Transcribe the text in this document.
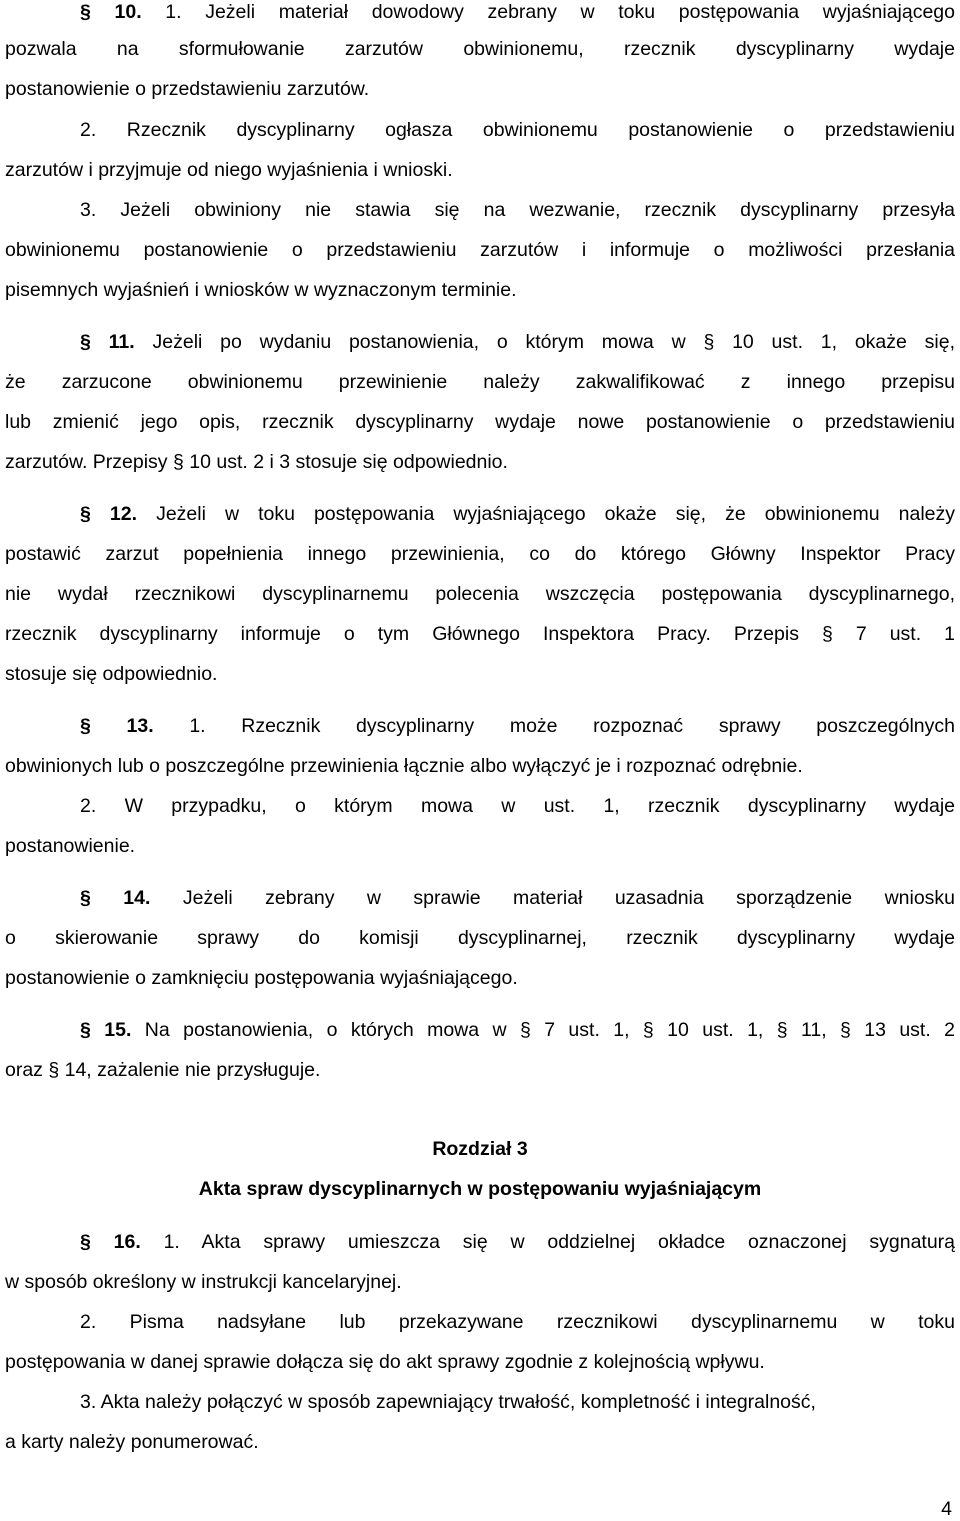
§ 10. 1. Jeżeli materiał dowodowy zebrany w toku postępowania wyjaśniającego
pozwala na sformułowanie zarzutów obwinionemu, rzecznik dyscyplinarny wydaje
postanowienie o przedstawieniu zarzutów.
2. Rzecznik dyscyplinarny ogłasza obwinionemu postanowienie o przedstawieniu
zarzutów i przyjmuje od niego wyjaśnienia i wnioski.
3. Jeżeli obwiniony nie stawia się na wezwanie, rzecznik dyscyplinarny przesyła
obwinionemu postanowienie o przedstawieniu zarzutów i informuje o możliwości przesłania
pisemnych wyjaśnień i wniosków w wyznaczonym terminie.
§ 11. Jeżeli po wydaniu postanowienia, o którym mowa w § 10 ust. 1, okaże się,
że zarzucone obwinionemu przewinienie należy zakwalifikować z innego przepisu
lub zmienić jego opis, rzecznik dyscyplinarny wydaje nowe postanowienie o przedstawieniu
zarzutów. Przepisy § 10 ust. 2 i 3 stosuje się odpowiednio.
§ 12. Jeżeli w toku postępowania wyjaśniającego okaże się, że obwinionemu należy
postawić zarzut popełnienia innego przewinienia, co do którego Główny Inspektor Pracy
nie wydał rzecznikowi dyscyplinarnemu polecenia wszczęcia postępowania dyscyplinarnego,
rzecznik dyscyplinarny informuje o tym Głównego Inspektora Pracy. Przepis § 7 ust. 1
stosuje się odpowiednio.
§ 13. 1. Rzecznik dyscyplinarny może rozpoznać sprawy poszczególnych
obwinionych lub o poszczególne przewinienia łącznie albo wyłączyć je i rozpoznać odrębnie.
2. W przypadku, o którym mowa w ust. 1, rzecznik dyscyplinarny wydaje
postanowienie.
§ 14. Jeżeli zebrany w sprawie materiał uzasadnia sporządzenie wniosku
o skierowanie sprawy do komisji dyscyplinarnej, rzecznik dyscyplinarny wydaje
postanowienie o zamknięciu postępowania wyjaśniającego.
§ 15. Na postanowienia, o których mowa w § 7 ust. 1, § 10 ust. 1, § 11, § 13 ust. 2
oraz § 14, zażalenie nie przysługuje.
Rozdział 3
Akta spraw dyscyplinarnych w postępowaniu wyjaśniającym
§ 16. 1. Akta sprawy umieszcza się w oddzielnej okładce oznaczonej sygnaturą
w sposób określony w instrukcji kancelaryjnej.
2. Pisma nadsyłane lub przekazywane rzecznikowi dyscyplinarnemu w toku
postępowania w danej sprawie dołącza się do akt sprawy zgodnie z kolejnością wpływu.
3. Akta należy połączyć w sposób zapewniający trwałość, kompletność i integralność,
a karty należy ponumerować.
4
